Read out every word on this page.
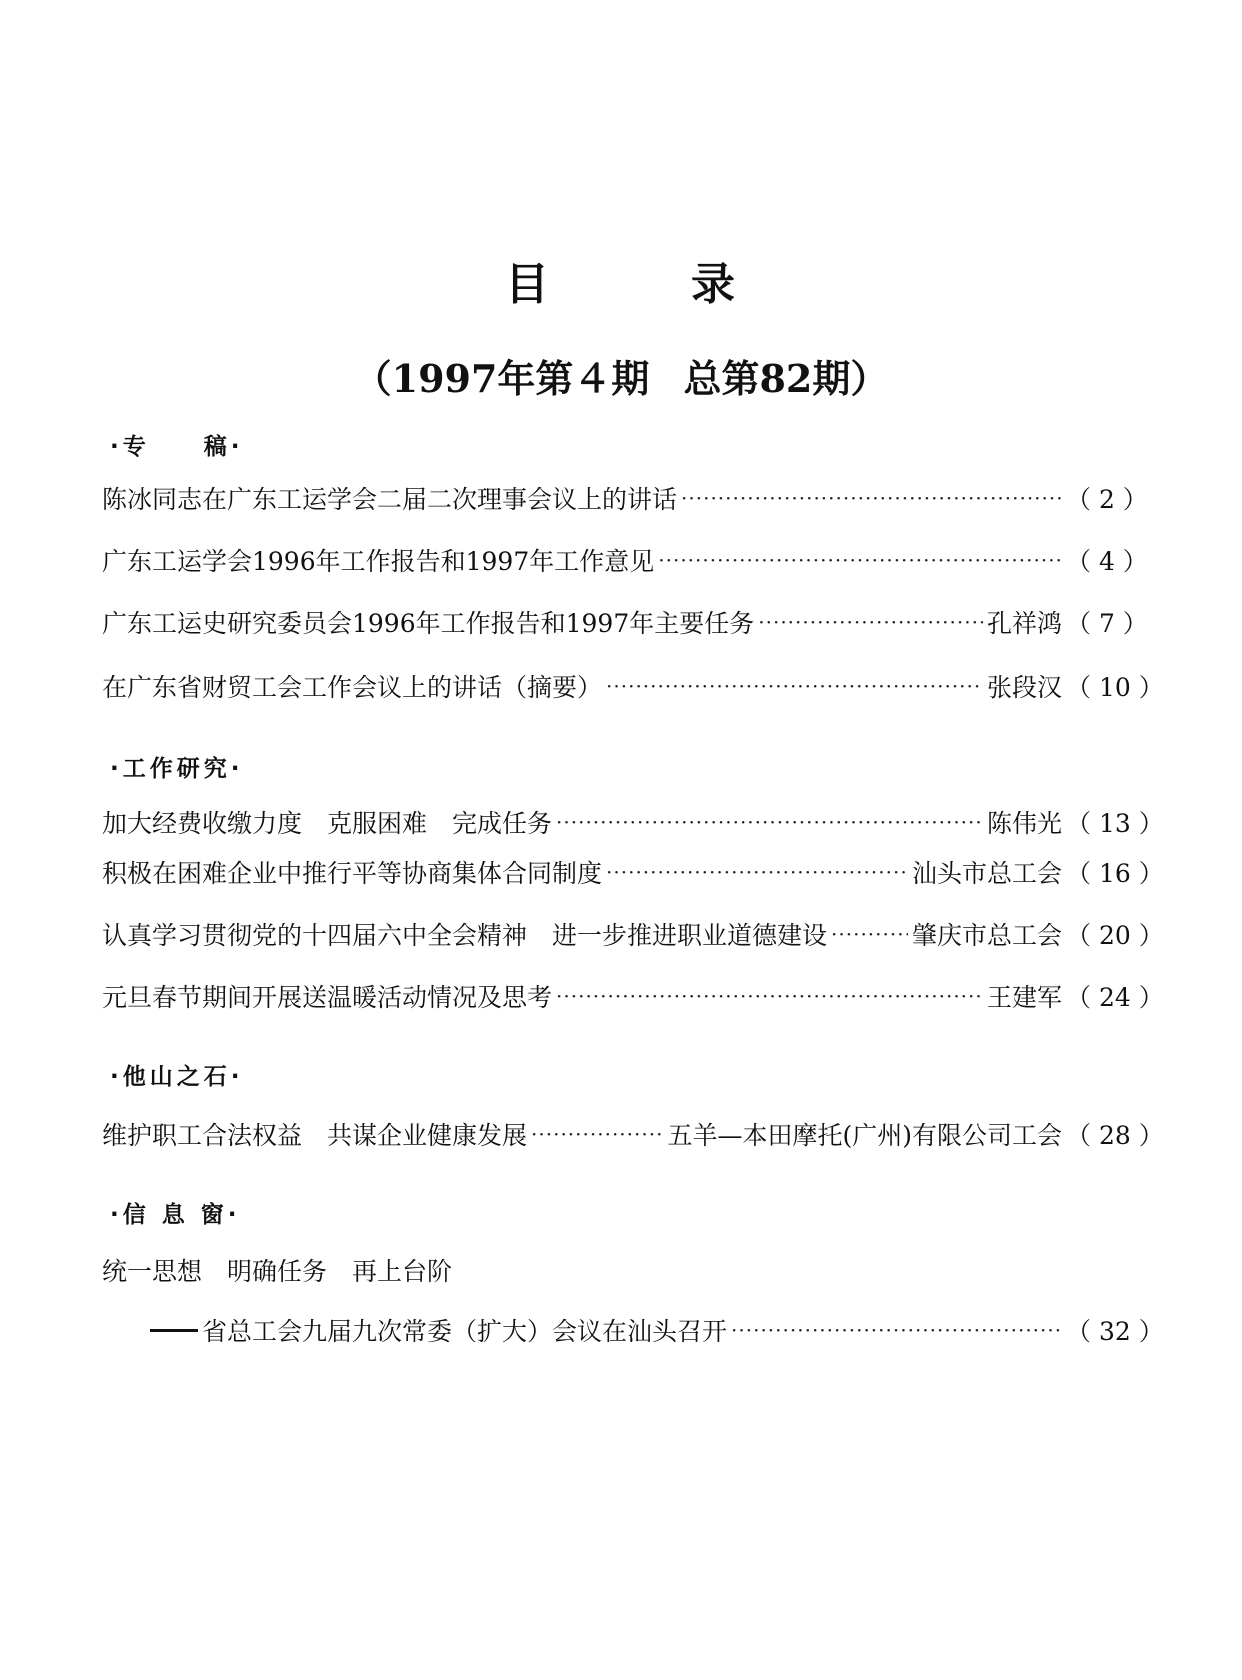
目	录
（1997年第４期 总第82期）
·专　　稿·
陈冰同志在广东工运学会二届二次理事会议上的讲话 ·····	（ 2 ）
广东工运学会1996年工作报告和1997年工作意见 ·····	（ 4 ）
广东工运史研究委员会1996年工作报告和1997年主要任务 ·····	孔祥鸿 （ 7 ）
在广东省财贸工会工作会议上的讲话（摘要） ·····	张段汉 （ 10 ）
·工作研究·
加大经费收缴力度　克服困难　完成任务 ·····	陈伟光 （ 13 ）
积极在困难企业中推行平等协商集体合同制度 ·····	汕头市总工会 （ 16 ）
认真学习贯彻党的十四届六中全会精神　进一步推进职业道德建设 ·····	肇庆市总工会 （ 20 ）
元旦春节期间开展送温暖活动情况及思考 ·····	王建军 （ 24 ）
·他山之石·
维护职工合法权益　共谋企业健康发展 ·····	五羊—本田摩托(广州)有限公司工会 （ 28 ）
·信 息 窗·
统一思想　明确任务　再上台阶
省总工会九届九次常委（扩大）会议在汕头召开 ·····	（ 32 ）
